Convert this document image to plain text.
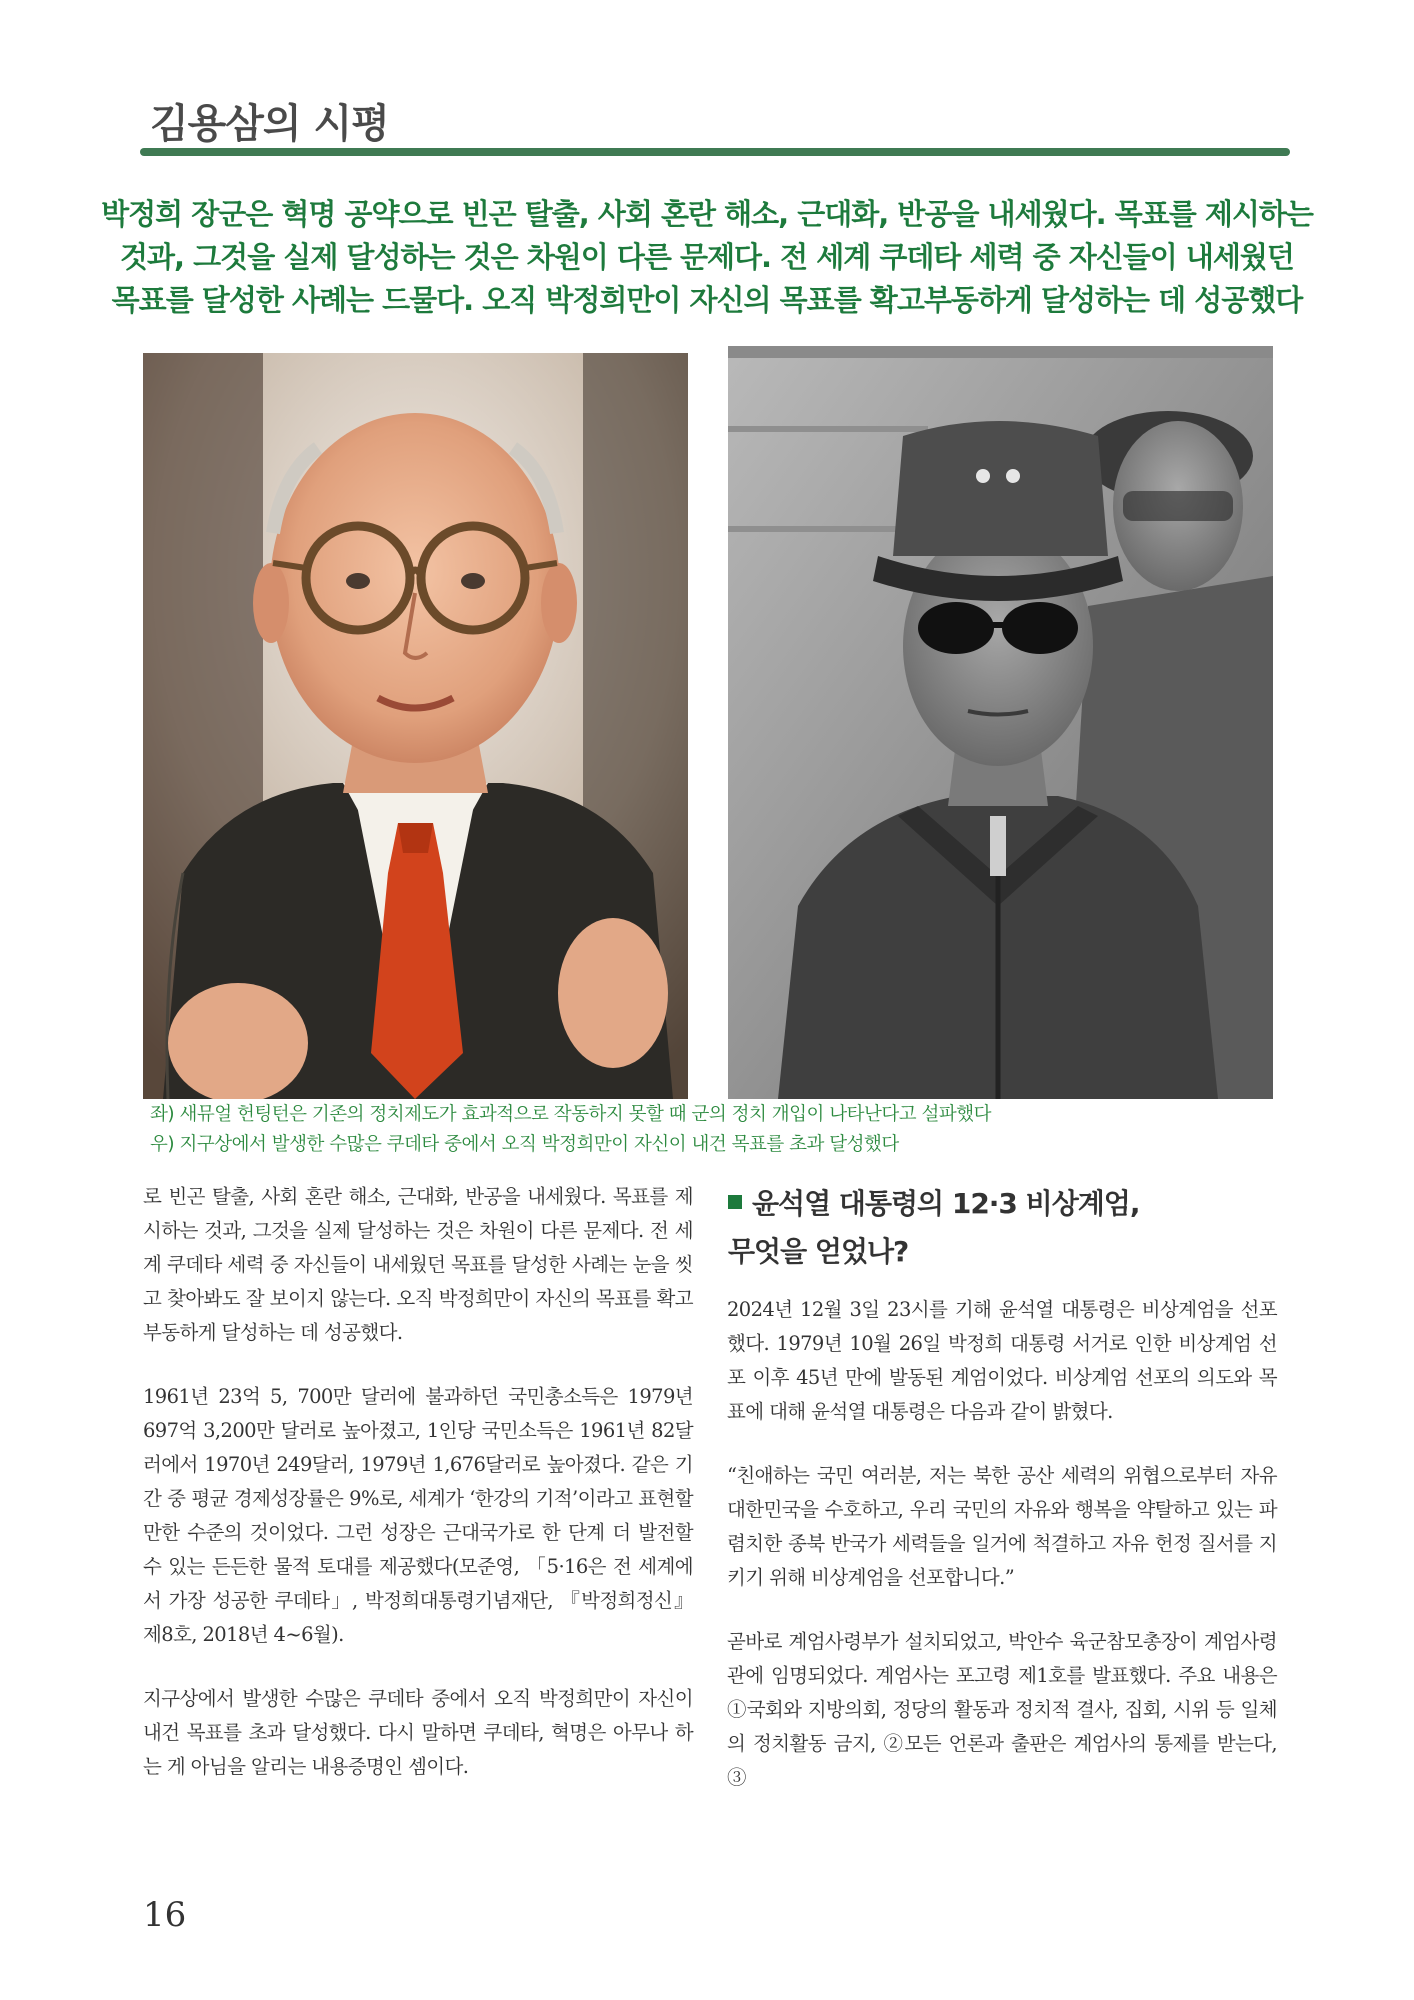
김용삼의 시평
박정희 장군은 혁명 공약으로 빈곤 탈출, 사회 혼란 해소, 근대화, 반공을 내세웠다. 목표를 제시하는
것과, 그것을 실제 달성하는 것은 차원이 다른 문제다. 전 세계 쿠데타 세력 중 자신들이 내세웠던
목표를 달성한 사례는 드물다. 오직 박정희만이 자신의 목표를 확고부동하게 달성하는 데 성공했다
좌) 새뮤얼 헌팅턴은 기존의 정치제도가 효과적으로 작동하지 못할 때 군의 정치 개입이 나타난다고 설파했다
우) 지구상에서 발생한 수많은 쿠데타 중에서 오직 박정희만이 자신이 내건 목표를 초과 달성했다

로 빈곤 탈출, 사회 혼란 해소, 근대화, 반공을 내세웠다. 목표를 제시하는 것과, 그것을 실제 달성하는 것은 차원이 다른 문제다. 전 세계 쿠데타 세력 중 자신들이 내세웠던 목표를 달성한 사례는 눈을 씻고 찾아봐도 잘 보이지 않는다. 오직 박정희만이 자신의 목표를 확고부동하게 달성하는 데 성공했다.

1961년 23억 5, 700만 달러에 불과하던 국민총소득은 1979년 697억 3,200만 달러로 높아졌고, 1인당 국민소득은 1961년 82달러에서 1970년 249달러, 1979년 1,676달러로 높아졌다. 같은 기간 중 평균 경제성장률은 9%로, 세계가 ‘한강의 기적’이라고 표현할 만한 수준의 것이었다. 그런 성장은 근대국가로 한 단계 더 발전할 수 있는 든든한 물적 토대를 제공했다(모준영, 「5·16은 전 세계에서 가장 성공한 쿠데타」, 박정희대통령기념재단, 『박정희정신』 제8호, 2018년 4~6월).

지구상에서 발생한 수많은 쿠데타 중에서 오직 박정희만이 자신이 내건 목표를 초과 달성했다. 다시 말하면 쿠데타, 혁명은 아무나 하는 게 아님을 알리는 내용증명인 셈이다.

윤석열 대통령의 12·3 비상계엄,
무엇을 얻었나?

2024년 12월 3일 23시를 기해 윤석열 대통령은 비상계엄을 선포했다. 1979년 10월 26일 박정희 대통령 서거로 인한 비상계엄 선포 이후 45년 만에 발동된 계엄이었다. 비상계엄 선포의 의도와 목표에 대해 윤석열 대통령은 다음과 같이 밝혔다.

“친애하는 국민 여러분, 저는 북한 공산 세력의 위협으로부터 자유대한민국을 수호하고, 우리 국민의 자유와 행복을 약탈하고 있는 파렴치한 종북 반국가 세력들을 일거에 척결하고 자유 헌정 질서를 지키기 위해 비상계엄을 선포합니다.”

곧바로 계엄사령부가 설치되었고, 박안수 육군참모총장이 계엄사령관에 임명되었다. 계엄사는 포고령 제1호를 발표했다. 주요 내용은 ①국회와 지방의회, 정당의 활동과 정치적 결사, 집회, 시위 등 일체의 정치활동 금지, ②모든 언론과 출판은 계엄사의 통제를 받는다, ③

16
